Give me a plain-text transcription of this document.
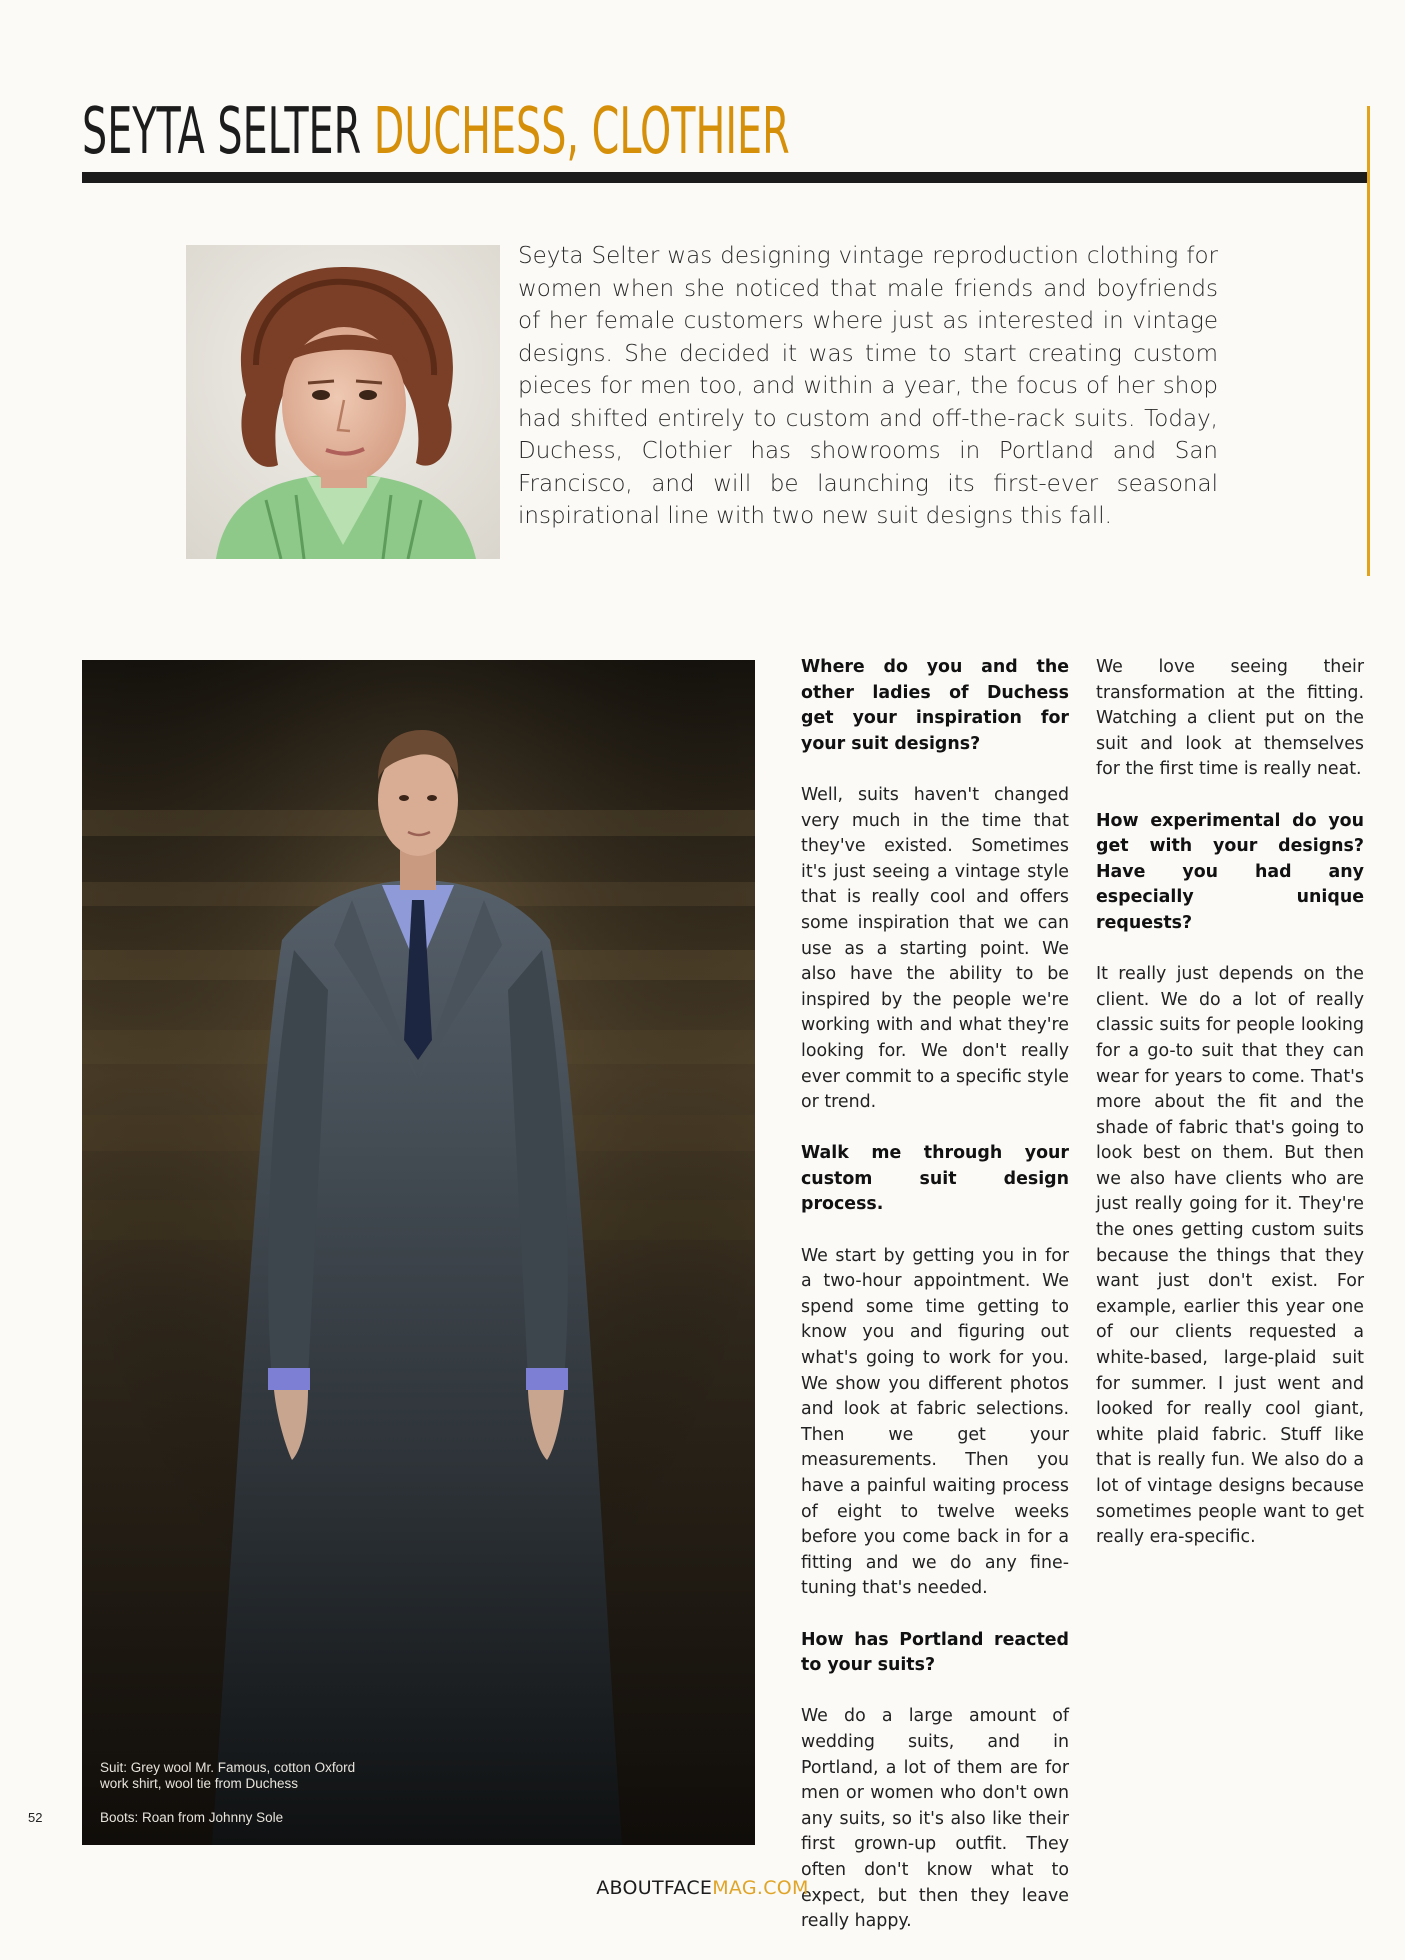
SEYTA SELTER DUCHESS, CLOTHIER

Seyta Selter was designing vintage reproduction clothing for women when she noticed that male friends and boyfriends of her female customers where just as interested in vintage designs. She decided it was time to start creating custom pieces for men too, and within a year, the focus of her shop had shifted entirely to custom and off-the-rack suits. Today, Duchess, Clothier has showrooms in Portland and San Francisco, and will be launching its first-ever seasonal inspirational line with two new suit designs this fall.

Suit: Grey wool Mr. Famous, cotton Oxford
work shirt, wool tie from Duchess

Boots: Roan from Johnny Sole

Where do you and the other ladies of Duchess get your inspiration for your suit designs?

Well, suits haven't changed very much in the time that they've existed. Sometimes it's just seeing a vintage style that is really cool and offers some inspiration that we can use as a starting point. We also have the ability to be inspired by the people we're working with and what they're looking for. We don't really ever commit to a specific style or trend.

Walk me through your custom suit design process.

We start by getting you in for a two-hour appointment. We spend some time getting to know you and figuring out what's going to work for you. We show you different photos and look at fabric selections. Then we get your measurements. Then you have a painful waiting process of eight to twelve weeks before you come back in for a fitting and we do any fine-tuning that's needed.

How has Portland reacted to your suits?

We do a large amount of wedding suits, and in Portland, a lot of them are for men or women who don't own any suits, so it's also like their first grown-up outfit. They often don't know what to expect, but then they leave really happy.

We love seeing their transformation at the fitting. Watching a client put on the suit and look at themselves for the first time is really neat.

How experimental do you get with your designs? Have you had any especially unique requests?

It really just depends on the client. We do a lot of really classic suits for people looking for a go-to suit that they can wear for years to come. That's more about the fit and the shade of fabric that's going to look best on them. But then we also have clients who are just really going for it. They're the ones getting custom suits because the things that they want just don't exist. For example, earlier this year one of our clients requested a white-based, large-plaid suit for summer. I just went and looked for really cool giant, white plaid fabric. Stuff like that is really fun. We also do a lot of vintage designs because sometimes people want to get really era-specific.

52
ABOUTFACEMAG.COM
